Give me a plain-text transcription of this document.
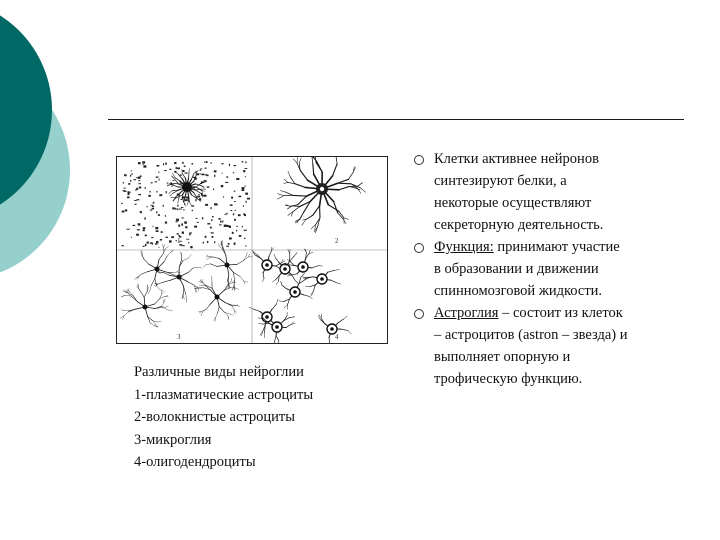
1	2
3	4
Различные виды нейроглии
1-плазматические астроциты
2-волокнистые астроциты
3-микроглия
4-олигодендроциты
Клетки активнее нейронов
синтезируют белки, а
некоторые осуществляют
секреторную деятельность.
Функция: принимают участие
в образовании и движении
спинномозговой жидкости.
Астроглия – состоит из клеток
– астроцитов (astron – звезда) и
выполняет опорную и
трофическую функцию.
